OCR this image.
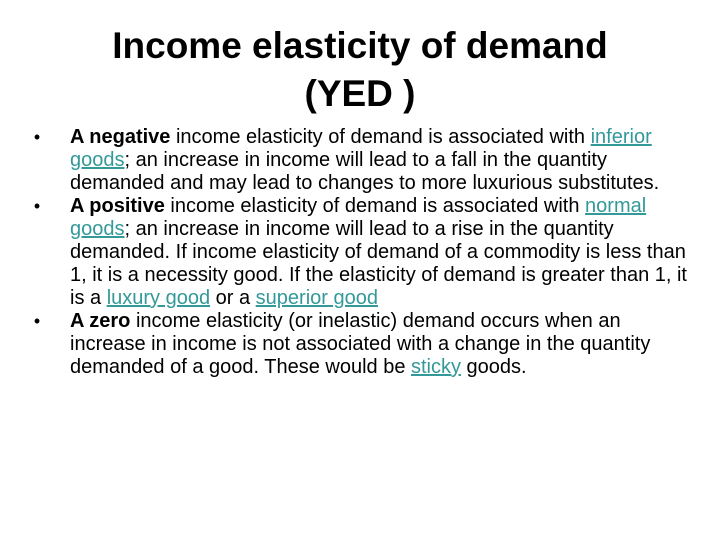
Income elasticity of demand
(YED )
• A negative income elasticity of demand is associated with inferior goods; an increase in income will lead to a fall in the quantity demanded and may lead to changes to more luxurious substitutes.
• A positive income elasticity of demand is associated with normal goods; an increase in income will lead to a rise in the quantity demanded. If income elasticity of demand of a commodity is less than 1, it is a necessity good. If the elasticity of demand is greater than 1, it is a luxury good or a superior good
• A zero income elasticity (or inelastic) demand occurs when an increase in income is not associated with a change in the quantity demanded of a good. These would be sticky goods.
